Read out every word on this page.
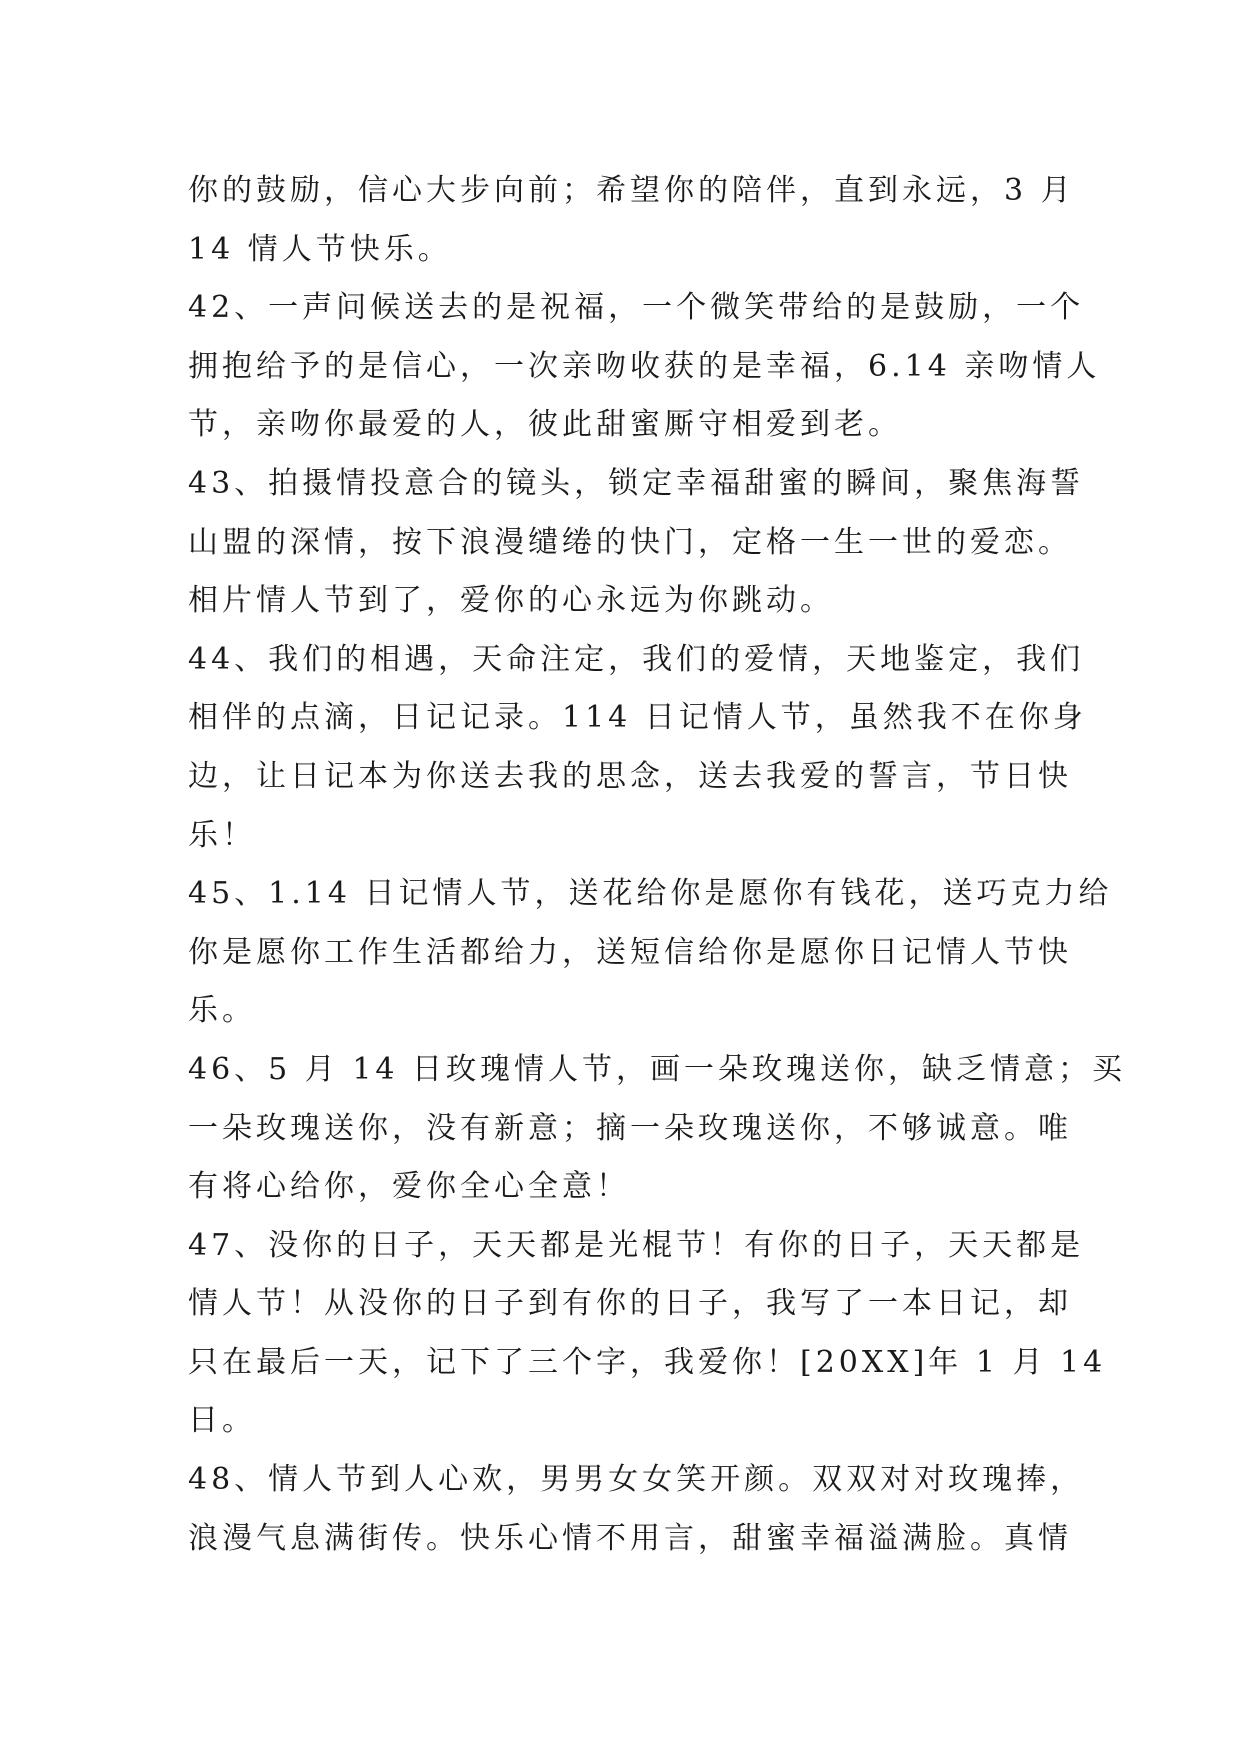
你的鼓励，信心大步向前；希望你的陪伴，直到永远，3 月
14 情人节快乐。
42、一声问候送去的是祝福，一个微笑带给的是鼓励，一个
拥抱给予的是信心，一次亲吻收获的是幸福，6.14 亲吻情人
节，亲吻你最爱的人，彼此甜蜜厮守相爱到老。
43、拍摄情投意合的镜头，锁定幸福甜蜜的瞬间，聚焦海誓
山盟的深情，按下浪漫缱绻的快门，定格一生一世的爱恋。
相片情人节到了，爱你的心永远为你跳动。
44、我们的相遇，天命注定，我们的爱情，天地鉴定，我们
相伴的点滴，日记记录。114 日记情人节，虽然我不在你身
边，让日记本为你送去我的思念，送去我爱的誓言，节日快
乐！
45、1.14 日记情人节，送花给你是愿你有钱花，送巧克力给
你是愿你工作生活都给力，送短信给你是愿你日记情人节快
乐。
46、5 月 14 日玫瑰情人节，画一朵玫瑰送你，缺乏情意；买
一朵玫瑰送你，没有新意；摘一朵玫瑰送你，不够诚意。唯
有将心给你，爱你全心全意！
47、没你的日子，天天都是光棍节！有你的日子，天天都是
情人节！从没你的日子到有你的日子，我写了一本日记，却
只在最后一天，记下了三个字，我爱你！[20XX]年 1 月 14
日。
48、情人节到人心欢，男男女女笑开颜。双双对对玫瑰捧，
浪漫气息满街传。快乐心情不用言，甜蜜幸福溢满脸。真情
